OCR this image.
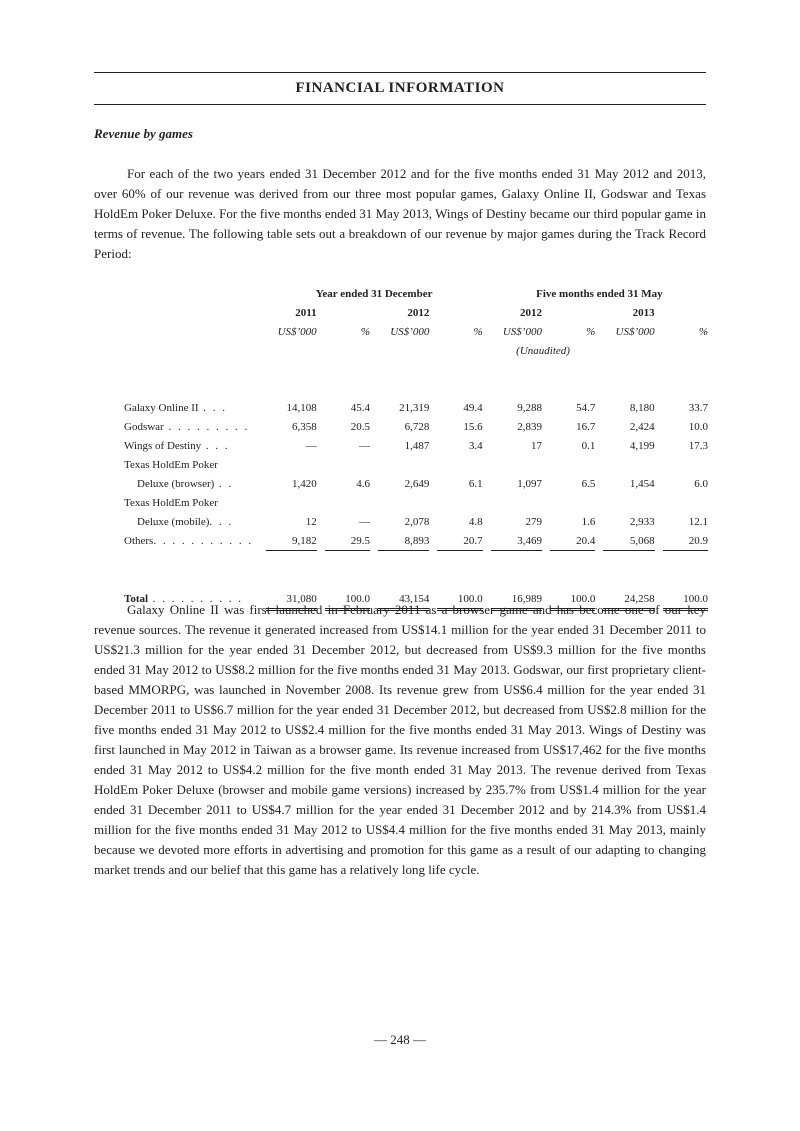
FINANCIAL INFORMATION
Revenue by games

For each of the two years ended 31 December 2012 and for the five months ended 31 May 2012 and 2013, over 60% of our revenue was derived from our three most popular games, Galaxy Online II, Godswar and Texas HoldEm Poker Deluxe. For the five months ended 31 May 2013, Wings of Destiny became our third popular game in terms of revenue. The following table sets out a breakdown of our revenue by major games during the Track Record Period:

	Year ended 31 December								Five months ended 31 May						
	2011				2012				2012				2013		
	US$’000		%		US$’000		%		US$’000		%		US$’000		%
									(Unaudited)						

Galaxy Online II . . .	14,108		45.4		21,319		49.4		9,288		54.7		8,180		33.7
Godswar . . . . . . . . .	6,358		20.5		6,728		15.6		2,839		16.7		2,424		10.0
Wings of Destiny . . .	—		—		1,487		3.4		17		0.1		4,199		17.3
Texas HoldEm Poker															
Deluxe (browser) . .	1,420		4.6		2,649		6.1		1,097		6.5		1,454		6.0
Texas HoldEm Poker															
Deluxe (mobile). . .	12		—		2,078		4.8		279		1.6		2,933		12.1
Others. . . . . . . . . . .	9,182		29.5		8,893		20.7		3,469		20.4		5,068		20.9

Total . . . . . . . . . .	31,080		100.0		43,154		100.0		16,989		100.0		24,258		100.0

Galaxy Online II was first launched in February 2011 as a browser game and has become one of our key revenue sources. The revenue it generated increased from US$14.1 million for the year ended 31 December 2011 to US$21.3 million for the year ended 31 December 2012, but decreased from US$9.3 million for the five months ended 31 May 2012 to US$8.2 million for the five months ended 31 May 2013. Godswar, our first proprietary client-based MMORPG, was launched in November 2008. Its revenue grew from US$6.4 million for the year ended 31 December 2011 to US$6.7 million for the year ended 31 December 2012, but decreased from US$2.8 million for the five months ended 31 May 2012 to US$2.4 million for the five months ended 31 May 2013. Wings of Destiny was first launched in May 2012 in Taiwan as a browser game. Its revenue increased from US$17,462 for the five months ended 31 May 2012 to US$4.2 million for the five month ended 31 May 2013. The revenue derived from Texas HoldEm Poker Deluxe (browser and mobile game versions) increased by 235.7% from US$1.4 million for the year ended 31 December 2011 to US$4.7 million for the year ended 31 December 2012 and by 214.3% from US$1.4 million for the five months ended 31 May 2012 to US$4.4 million for the five months ended 31 May 2013, mainly because we devoted more efforts in advertising and promotion for this game as a result of our adapting to changing market trends and our belief that this game has a relatively long life cycle.

— 248 —
